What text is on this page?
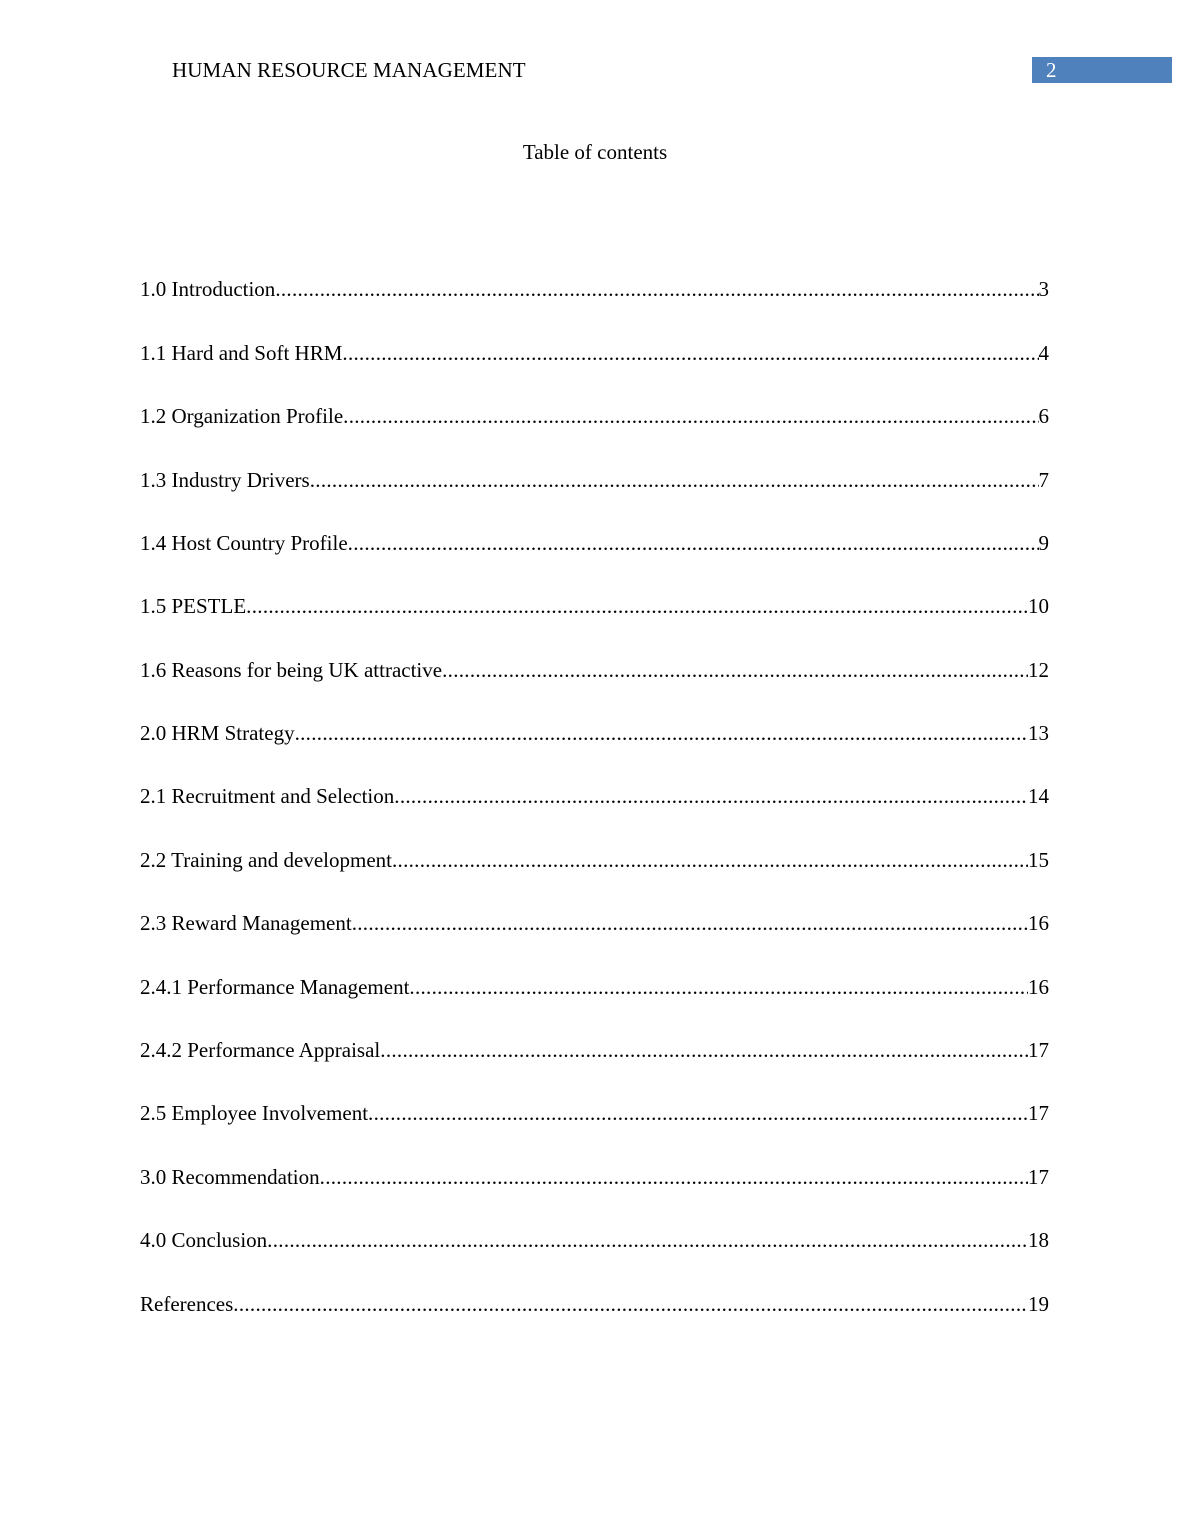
HUMAN RESOURCE MANAGEMENT	2
Table of contents
1.0 Introduction .....	3
1.1 Hard and Soft HRM .....	4
1.2 Organization Profile .....	6
1.3 Industry Drivers .....	7
1.4 Host Country Profile .....	9
1.5 PESTLE .....	10
1.6 Reasons for being UK attractive .....	12
2.0 HRM Strategy .....	13
2.1 Recruitment and Selection .....	14
2.2 Training and development .....	15
2.3 Reward Management .....	16
2.4.1 Performance Management .....	16
2.4.2 Performance Appraisal .....	17
2.5 Employee Involvement .....	17
3.0 Recommendation .....	17
4.0 Conclusion .....	18
References .....	19
